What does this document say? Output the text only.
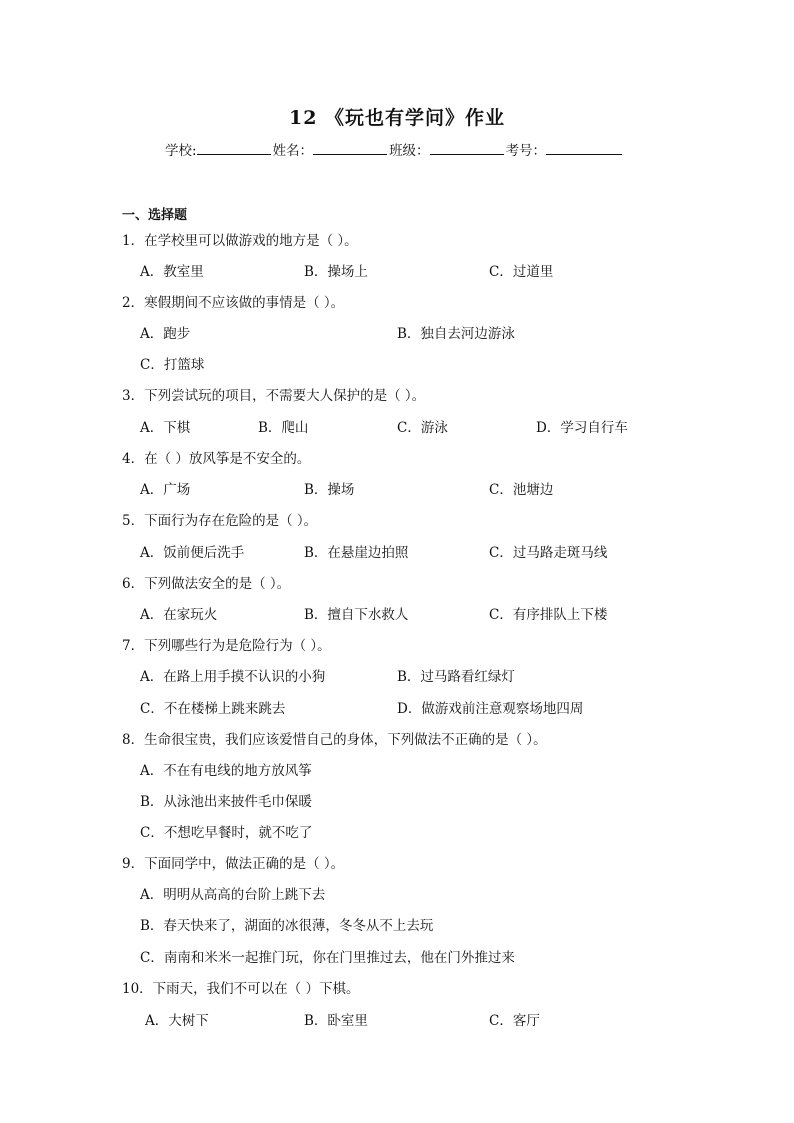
12 《玩也有学问》作业
学校:	姓名：	班级：	考号：
一、选择题
1．在学校里可以做游戏的地方是（ ）。
A．教室里	B．操场上	C．过道里
2．寒假期间不应该做的事情是（ ）。
A．跑步	B．独自去河边游泳
C．打篮球
3．下列尝试玩的项目，不需要大人保护的是（ ）。
A．下棋	B．爬山	C．游泳	D．学习自行车
4．在（ ）放风筝是不安全的。
A．广场	B．操场	C．池塘边
5．下面行为存在危险的是（ ）。
A．饭前便后洗手	B．在悬崖边拍照	C．过马路走斑马线
6．下列做法安全的是（ ）。
A．在家玩火	B．擅自下水救人	C．有序排队上下楼
7．下列哪些行为是危险行为（ ）。
A．在路上用手摸不认识的小狗	B．过马路看红绿灯
C．不在楼梯上跳来跳去	D．做游戏前注意观察场地四周
8．生命很宝贵，我们应该爱惜自己的身体，下列做法不正确的是（ ）。
A．不在有电线的地方放风筝
B．从泳池出来披件毛巾保暖
C．不想吃早餐时，就不吃了
9．下面同学中，做法正确的是（ ）。
A．明明从高高的台阶上跳下去
B．春天快来了，湖面的冰很薄，冬冬从不上去玩
C．南南和米米一起推门玩，你在门里推过去，他在门外推过来
10．下雨天，我们不可以在（ ）下棋。
A．大树下	B．卧室里	C．客厅
